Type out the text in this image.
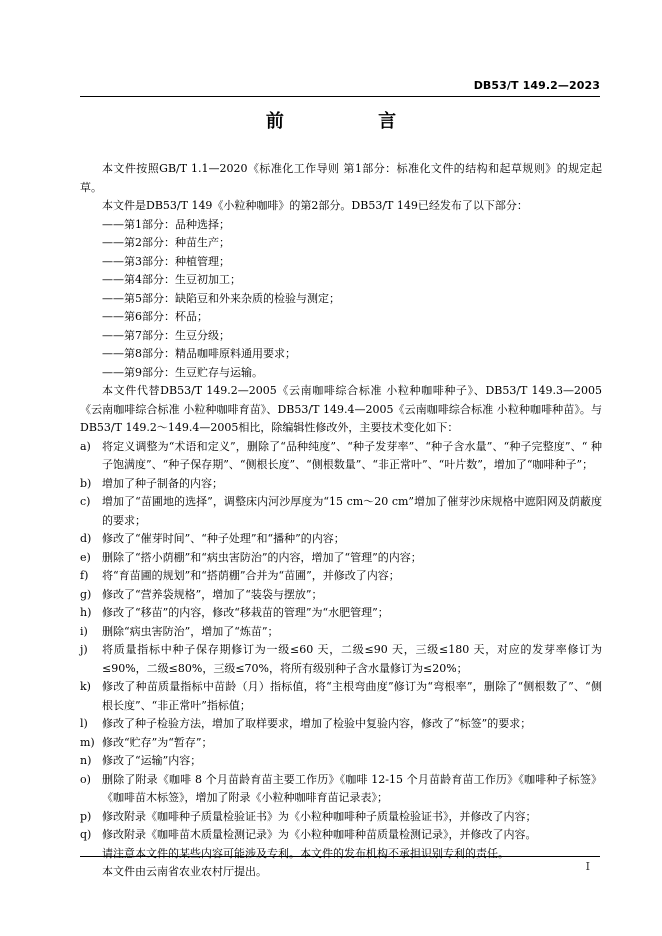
DB53/T 149.2—2023
前 言

本文件按照GB/T 1.1—2020《标准化工作导则 第1部分：标准化文件的结构和起草规则》的规定起草。

本文件是DB53/T 149《小粒种咖啡》的第2部分。DB53/T 149已经发布了以下部分：

——第1部分：品种选择；

——第2部分：种苗生产；

——第3部分：种植管理；

——第4部分：生豆初加工；

——第5部分：缺陷豆和外来杂质的检验与测定；

——第6部分：杯品；

——第7部分：生豆分级；

——第8部分：精品咖啡原料通用要求；

——第9部分：生豆贮存与运输。

本文件代替DB53/T 149.2—2005《云南咖啡综合标准 小粒种咖啡种子》、DB53/T 149.3—2005《云南咖啡综合标准 小粒种咖啡育苗》、DB53/T 149.4—2005《云南咖啡综合标准 小粒种咖啡种苗》。与DB53/T 149.2～149.4—2005相比，除编辑性修改外，主要技术变化如下：

a)	将定义调整为“术语和定义”，删除了“品种纯度”、“种子发芽率”、“种子含水量”、“种子完整度”、“ 种子饱满度”、“种子保存期”、“侧根长度”、“侧根数量”、“非正常叶”、“叶片数”，增加了“咖啡种子”；
b) 增加了种子制备的内容；
c)	增加了“苗圃地的选择”，调整床内河沙厚度为“15 cm～20 cm”增加了催芽沙床规格中遮阳网及荫蔽度的要求；
d) 修改了“催芽时间”、“种子处理”和“播种”的内容；
e)	删除了“搭小荫棚”和“病虫害防治”的内容，增加了“管理”的内容；
f)	将“育苗圃的规划”和“搭荫棚”合并为“苗圃”，并修改了内容；
g) 修改了“营养袋规格”，增加了“装袋与摆放”；
h) 修改了“移苗”的内容，修改“移栽苗的管理”为“水肥管理”；
i)	删除“病虫害防治”，增加了“炼苗”；
j)	将质量指标中种子保存期修订为一级≤60 天，二级≤90 天，三级≤180 天，对应的发芽率修订为≤90%，二级≤80%，三级≤70%，将所有级别种子含水量修订为≤20%；
k)	修改了种苗质量指标中苗龄（月）指标值，将“主根弯曲度”修订为“弯根率”，删除了“侧根数了”、“侧根长度”、“非正常叶”指标值；
l)	修改了种子检验方法，增加了取样要求，增加了检验中复验内容，修改了“标签”的要求；
m) 修改“贮存”为“暂存”；
n) 修改了“运输”内容；
o)	删除了附录《咖啡 8 个月苗龄育苗主要工作历》《咖啡 12-15 个月苗龄育苗工作历》《咖啡种子标签》《咖啡苗木标签》，增加了附录《小粒种咖啡育苗记录表》；
p) 修改附录《咖啡种子质量检验证书》为《小粒种咖啡种子质量检验证书》，并修改了内容；
q) 修改附录《咖啡苗木质量检测记录》为《小粒种咖啡种苗质量检测记录》，并修改了内容。

请注意本文件的某些内容可能涉及专利。本文件的发布机构不承担识别专利的责任。

本文件由云南省农业农村厅提出。	I
